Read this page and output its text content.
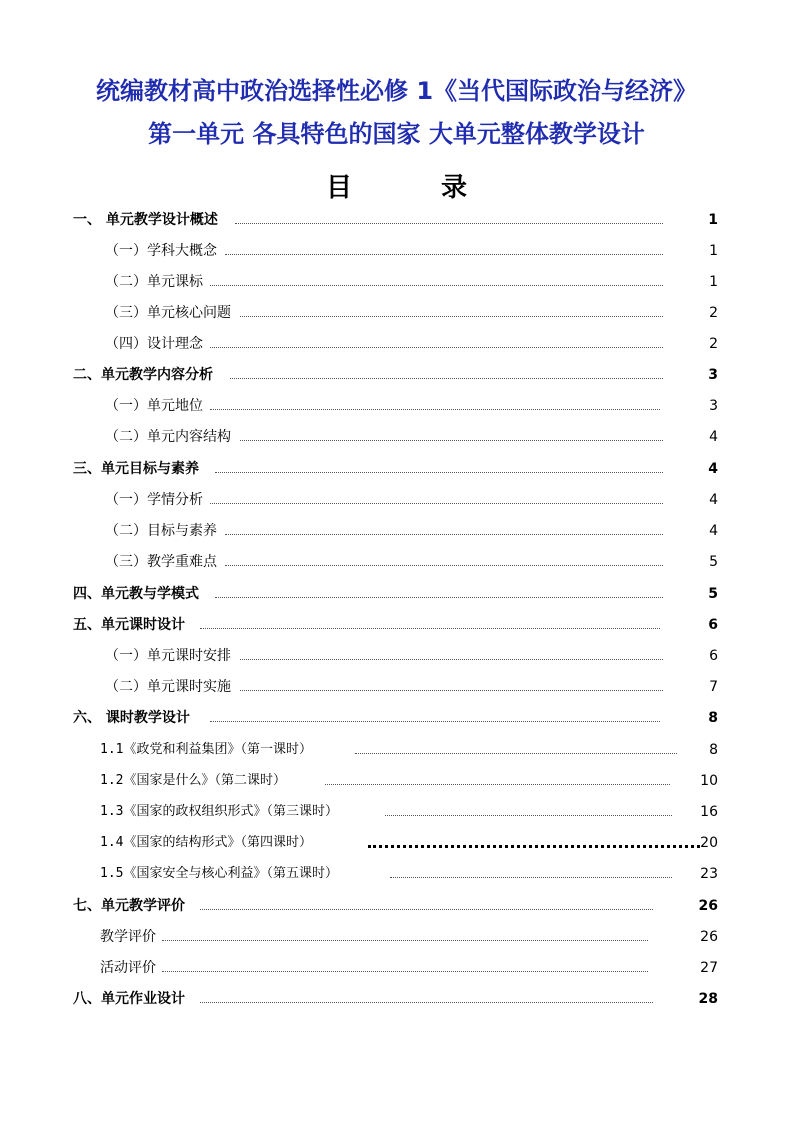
统编教材高中政治选择性必修 1《当代国际政治与经济》
第一单元 各具特色的国家 大单元整体教学设计
目 录
一、 单元教学设计概述	1
（一）学科大概念	1
（二）单元课标	1
（三）单元核心问题	2
（四）设计理念	2
二、单元教学内容分析	3
（一）单元地位	3
（二）单元内容结构	4
三、单元目标与素养	4
（一）学情分析	4
（二）目标与素养	4
（三）教学重难点	5
四、单元教与学模式	5
五、单元课时设计	6
（一）单元课时安排	6
（二）单元课时实施	7
六、 课时教学设计	8
1.1《政党和利益集团》（第一课时）	8
1.2《国家是什么》（第二课时）	10
1.3《国家的政权组织形式》（第三课时）	16
1.4《国家的结构形式》（第四课时）	20
1.5《国家安全与核心利益》（第五课时）	23
七、单元教学评价	26
教学评价	26
活动评价	27
八、单元作业设计	28
